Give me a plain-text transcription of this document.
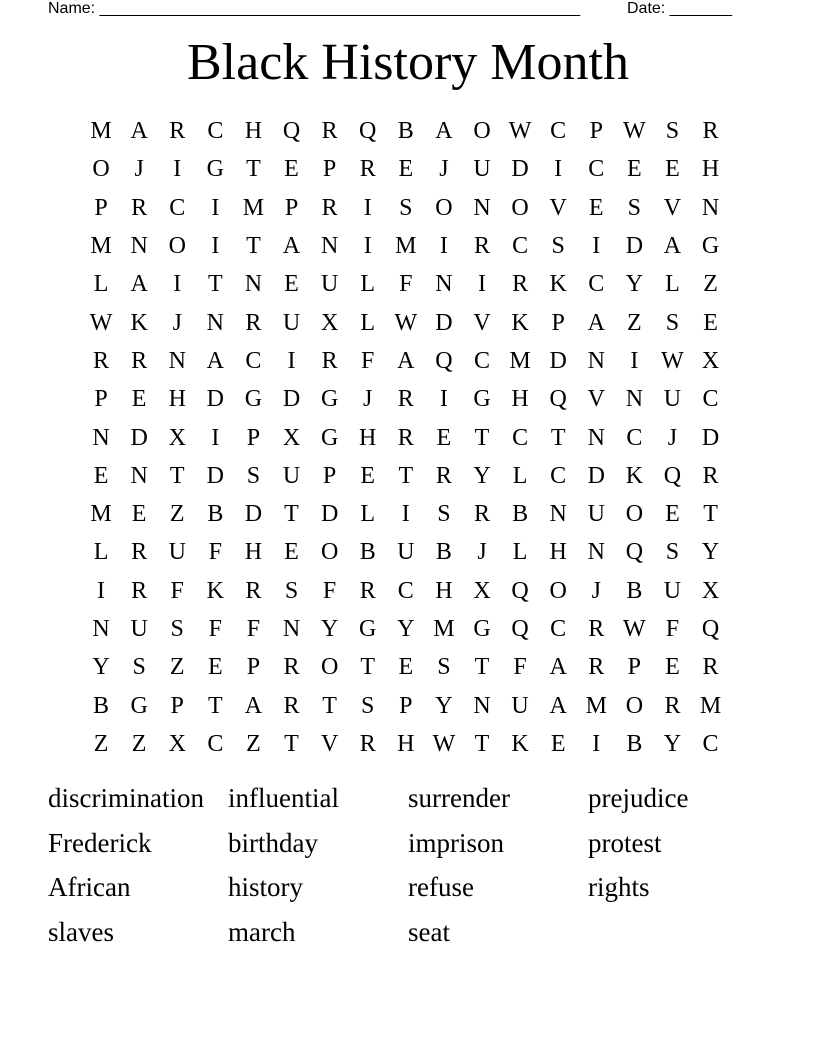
Name: ______________________________________________________	Date: _______
Black History Month
M A R C H Q R Q B A O W C P W S R
O	J	I	G T E	P R E	J	U D	I	C E E H
P R C	I M P R	I	S O N O V E	S V N
M N O	I	T A N	I M I	R C S	I	D A G
L A	I	T N E U L	F N	I	R K C Y L Z
W K	J	N R U X L W D V K P A Z	S	E
R R N A C	I	R F A Q C M D N	I W X
P	E H D G D G	J	R	I	G H Q V N U C
N D X	I	P X G H R E T C T N C	J	D
E N T D S U P	E T R Y L C D K Q R
M E Z B D T D L	I	S R B N U O E T
L R U F H E O B U B	J	L H N Q S Y
I	R F K R S	F R C H X Q O	J	B U X
N U S	F	F N Y G Y M G Q C R W F Q
Y S	Z E	P R O T E	S	T	F A R P	E R
B G P	T A R T	S	P Y N U A M O R M
Z Z X C Z T V R H W T K E	I	B Y C
discrimination influential	surrender	prejudice
Frederick	birthday	imprison	protest
African	history	refuse	rights
slaves	march	seat
